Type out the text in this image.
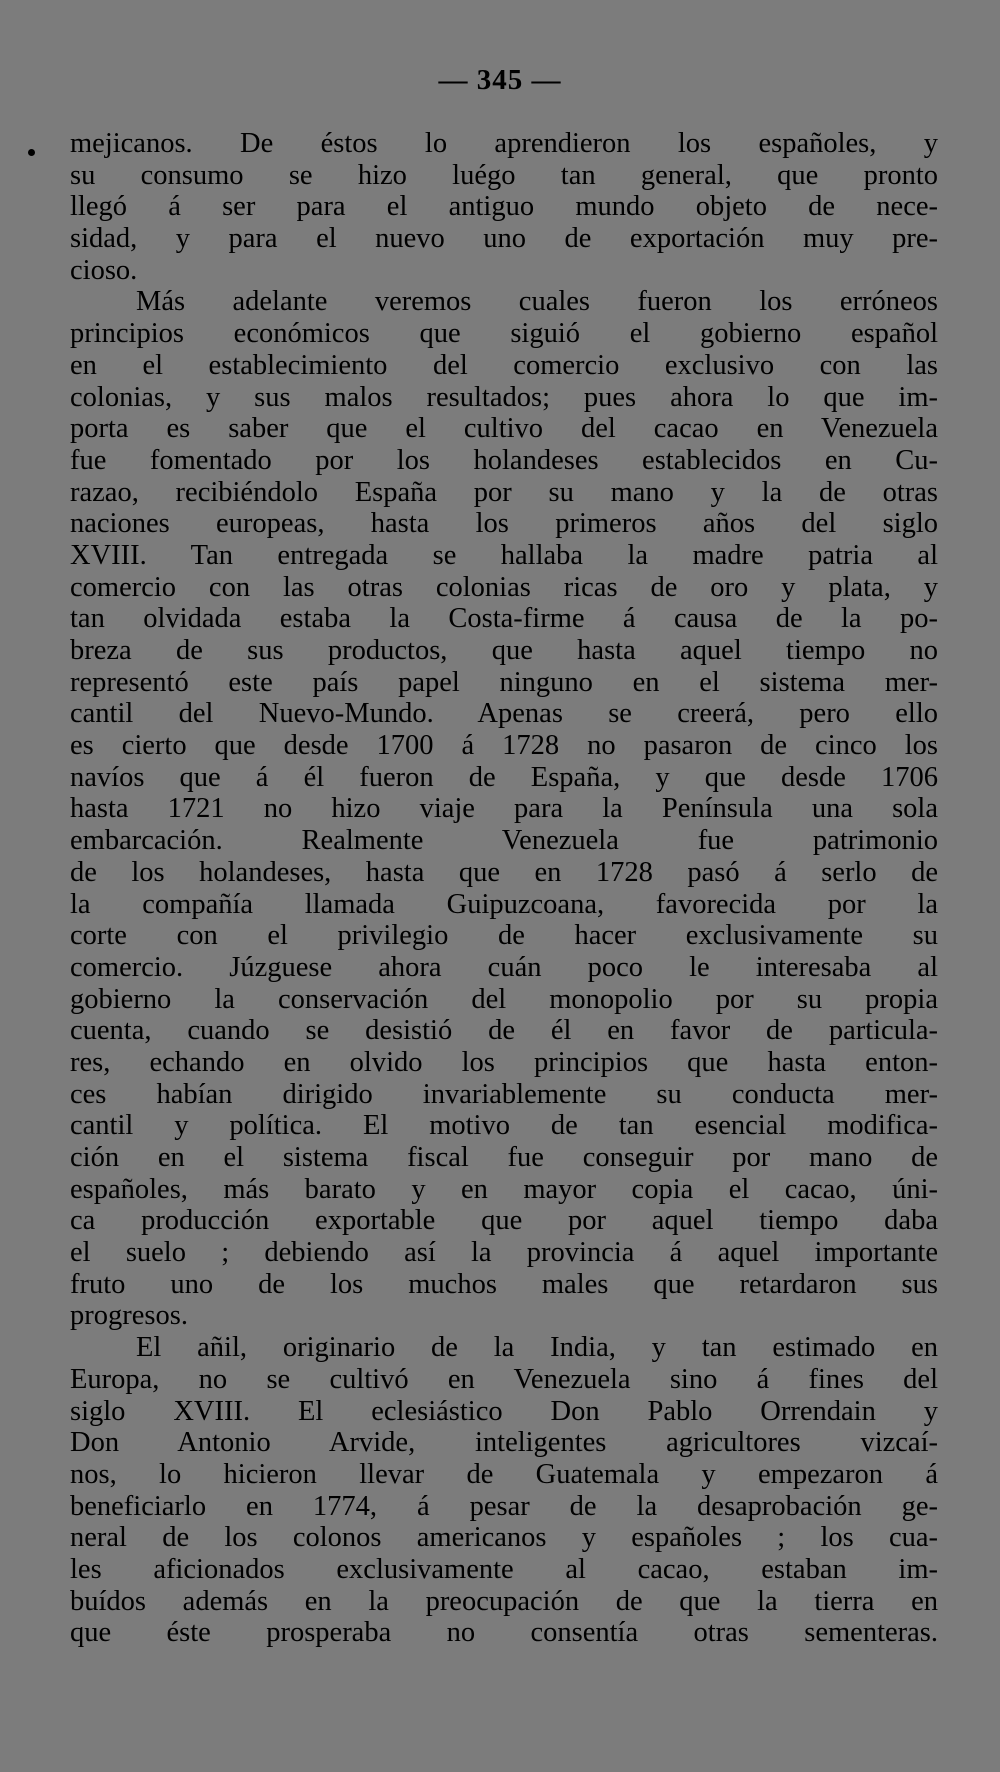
— 345 —
mejicanos. De éstos lo aprendieron los españoles, y
su consumo se hizo luégo tan general, que pronto
llegó á ser para el antiguo mundo objeto de nece-
sidad, y para el nuevo uno de exportación muy pre-
cioso.
Más adelante veremos cuales fueron los erróneos
principios económicos que siguió el gobierno español
en el establecimiento del comercio exclusivo con las
colonias, y sus malos resultados; pues ahora lo que im-
porta es saber que el cultivo del cacao en Venezuela
fue fomentado por los holandeses establecidos en Cu-
razao, recibiéndolo España por su mano y la de otras
naciones europeas, hasta los primeros años del siglo
XVIII. Tan entregada se hallaba la madre patria al
comercio con las otras colonias ricas de oro y plata, y
tan olvidada estaba la Costa-firme á causa de la po-
breza de sus productos, que hasta aquel tiempo no
representó este país papel ninguno en el sistema mer-
cantil del Nuevo-Mundo. Apenas se creerá, pero ello
es cierto que desde 1700 á 1728 no pasaron de cinco los
navíos que á él fueron de España, y que desde 1706
hasta 1721 no hizo viaje para la Península una sola
embarcación. Realmente Venezuela fue patrimonio
de los holandeses, hasta que en 1728 pasó á serlo de
la compañía llamada Guipuzcoana, favorecida por la
corte con el privilegio de hacer exclusivamente su
comercio. Júzguese ahora cuán poco le interesaba al
gobierno la conservación del monopolio por su propia
cuenta, cuando se desistió de él en favor de particula-
res, echando en olvido los principios que hasta enton-
ces habían dirigido invariablemente su conducta mer-
cantil y política. El motivo de tan esencial modifica-
ción en el sistema fiscal fue conseguir por mano de
españoles, más barato y en mayor copia el cacao, úni-
ca producción exportable que por aquel tiempo daba
el suelo ; debiendo así la provincia á aquel importante
fruto uno de los muchos males que retardaron sus
progresos.
El añil, originario de la India, y tan estimado en
Europa, no se cultivó en Venezuela sino á fines del
siglo XVIII. El eclesiástico Don Pablo Orrendain y
Don Antonio Arvide, inteligentes agricultores vizcaí-
nos, lo hicieron llevar de Guatemala y empezaron á
beneficiarlo en 1774, á pesar de la desaprobación ge-
neral de los colonos americanos y españoles ; los cua-
les aficionados exclusivamente al cacao, estaban im-
buídos además en la preocupación de que la tierra en
que éste prosperaba no consentía otras sementeras.
